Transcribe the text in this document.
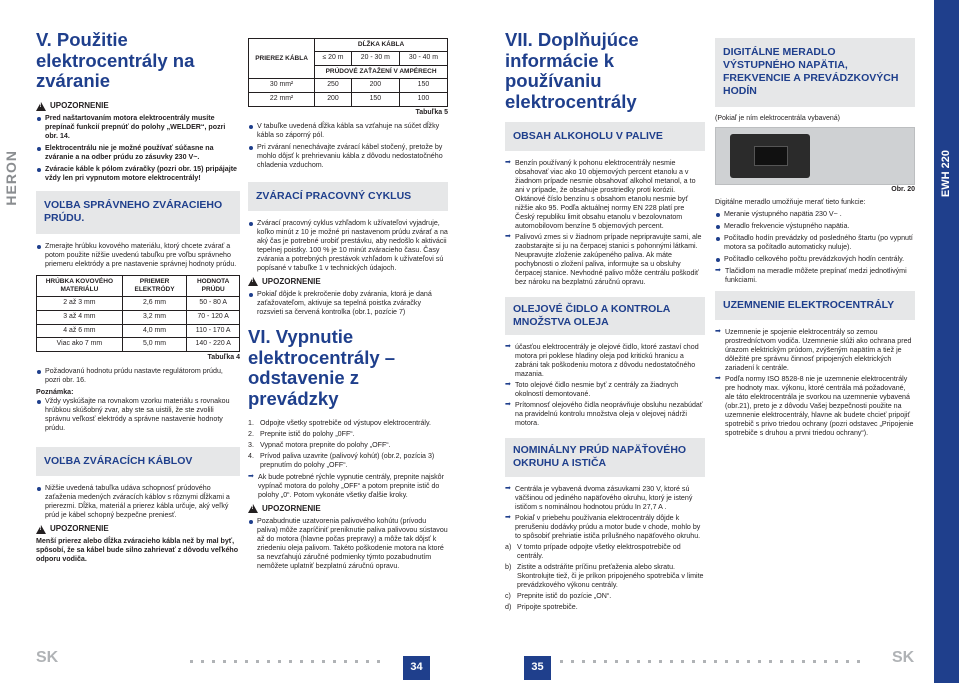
HERON
V. Použitie elektrocentrály na zváranie
!
UPOZORNENIE
Pred naštartovaním motora elektrocentrály musíte prepínač funkcií prepnúť do polohy „WELDER“, pozri obr. 14.
Elektrocentrálu nie je možné používať súčasne na zváranie a na odber prúdu zo zásuvky 230 V~.
Zváracie káble k pólom zváračky (pozri obr. 15) pripájajte vždy len pri vypnutom motore elektrocentrály!
VOĽBA SPRÁVNEHO ZVÁRACIEHO PRÚDU.
Zmerajte hrúbku kovového materiálu, ktorý chcete zvárať a potom použite nižšie uvedenú tabuľku pre voľbu správneho priemeru elektródy a pre nastavenie správnej hodnoty prúdu.
HRÚBKA KOVOVÉHO MATERIÁLU	PRIEMER ELEKTRÓDY	HODNOTA PRÚDU
2 až 3 mm	2,6 mm	50 - 80 A
3 až 4 mm	3,2 mm	70 - 120 A
4 až 6 mm	4,0 mm	110 - 170 A
Viac ako 7 mm	5,0 mm	140 - 220 A
Tabuľka 4
Požadovanú hodnotu prúdu nastavte regulátorom prúdu, pozri obr. 16.
Poznámka:
Vždy vyskúšajte na rovnakom vzorku materiálu s rovnakou hrúbkou skúšobný zvar, aby ste sa uistili, že ste zvolili správnu veľkosť elektródy a správne nastavenie hodnoty prúdu.
VOĽBA ZVÁRACÍCH KÁBLOV
Nižšie uvedená tabuľka udáva schopnosť prúdového zaťaženia medených zváracích káblov s rôznymi dĺžkami a prierezmi. Dĺžka, materiál a prierez kábla určuje, aký veľký prúd je kábel schopný bezpečne preniesť.
!
UPOZORNENIE
Menší prierez alebo dĺžka zváracieho kábla než by mal byť, spôsobí, že sa kábel bude silno zahrievať z dôvodu veľkého odporu vodiča.
PRIEREZ KÁBLA	DĹŽKA KÁBLA		
	≤ 20 m	20 - 30 m	30 - 40 m
	PRÚDOVÉ ZAŤAŽENÍ V AMPÉRECH		
30 mm²	250	200	150
22 mm²	200	150	100
Tabuľka 5
V tabuľke uvedená dĺžka kábla sa vzťahuje na súčet dĺžky kábla so záporný pól.
Pri zváraní nenechávajte zvárací kábel stočený, pretože by mohlo dôjsť k prehrievaniu kábla z dôvodu nedostatočného chladenia vzduchom.
ZVÁRACÍ PRACOVNÝ CYKLUS
Zvárací pracovný cyklus vzhľadom k užívateľovi vyjadruje, koľko minút z 10 je možné pri nastavenom prúdu zvárať a na aký čas je potrebné urobiť prestávku, aby nedošlo k aktivácii tepelnej poistky. 100 % je 10 minút zváracieho času. Časy zvárania a potrebných prestávok vzhľadom k užívateľovi sú popísané v tabuľke 1 v technických údajoch.
!
UPOZORNENIE
Pokiaľ dôjde k prekročenie doby zvárania, ktorá je daná zaťažovateľom, aktivuje sa tepelná poistka zváračky rozsvieti sa červená kontrolka (obr.1, pozície 7)
VI. Vypnutie elektrocentrály – odstavenie z prevádzky
1. Odpojte všetky spotrebiče od výstupov elektrocentrály.
2. Prepnite istič do polohy „0FF“.
3. Vypnač motora prepnite do polohy „OFF“.
4. Prívod paliva uzavrite (palivový kohút) (obr.2, pozícia 3) prepnutím do polohy „OFF“.
➡ Ak bude potrebné rýchle vypnutie centrály, prepnite najskôr vypínač motora do polohy „OFF“ a potom prepnite istič do polohy „0“. Potom vykonáte všetky ďalšie kroky.
!
UPOZORNENIE
Pozabudnutie uzatvorenia palivového kohútu (prívodu paliva) môže zapríčiniť preniknutie paliva palivovou sústavou až do motora (hlavne počas prepravy) a môže tak dôjsť k zriedeniu oleja palivom. Takéto poškodenie motora na ktoré sa nevzťahujú záručné podmienky týmto pozabudnutím nemôžete uplatniť bezplatnú záručnú opravu.
VII. Doplňujúce informácie k používaniu elektrocentrály
OBSAH ALKOHOLU V PALIVE
➡ Benzín používaný k pohonu elektrocentrály nesmie obsahovať viac ako 10 objemových percent etanolu a v žiadnom prípade nesmie obsahovať alkohol metanol, a to ani v prípade, že obsahuje prostriedky proti korózii. Oktánové číslo benzínu s obsahom etanolu nesmie byť nižšie ako 95. Podľa aktuálnej normy EN 228 platí pre Český republiku limit obsahu etanolu v bezolovnatom automobilovom benzíne 5 objemových percent.
➡ Palivovú zmes si v žiadnom prípade nepripravujte sami, ale zaobstarajte si ju na čerpacej stanici s pohonnými látkami. Neupravujte zloženie zakúpeného paliva. Ak máte pochybnosti o zložení paliva, informujte sa u obsluhy čerpacej stanice. Nevhodné palivo môže centrálu poškodiť bez nároku na bezplatnú záručnú opravu.
OLEJOVÉ ČIDLO A KONTROLA MNOŽSTVA OLEJA
➡ účasťou elektrocentrály je olejové čidlo, ktoré zastaví chod motora pri poklese hladiny oleja pod kritickú hranicu a zabráni tak poškodeniu motora z dôvodu nedostatočného mazania.
➡ Toto olejové čidlo nesmie byť z centrály za žiadnych okolností demontované.
➡ Prítomnosť olejového čidla neoprávňuje obsluhu nezabúdať na pravidelnú kontrolu množstva oleja v olejovej nádrži motora.
NOMINÁLNY PRÚD NAPÄŤOVÉHO OKRUHU A ISTIČA
➡ Centrála je vybavená dvoma zásuvkami 230 V, ktoré sú väčšinou od jediného napäťového okruhu, ktorý je istený ističom s nominálnou hodnotou prúdu In 27,7 A .
➡ Pokiaľ v priebehu používania elektrocentrály dôjde k prerušeniu dodávky prúdu a motor bude v chode, mohlo by to spôsobiť prehriatie ističa prílušného napäťového okruhu.
a) V tomto prípade odpojte všetky elektrospotrebiče od centrály.
b) Zistite a odstráňte príčinu preťaženia alebo skratu. Skontrolujte tiež, či je príkon pripojeného spotrebiča v limite prevádzkového výkonu centrály.
c) Prepnite istič do pozície „ON“.
d) Pripojte spotrebiče.
DIGITÁLNE MERADLO VÝSTUPNÉHO NAPÄTIA, FREKVENCIE A PREVÁDZKOVÝCH HODÍN
(Pokiaľ je ním elektrocentrála vybavená)
Obr. 20
Digitálne meradlo umožňuje merať tieto funkcie:
Meranie výstupného napätia 230 V~ .
Meradlo frekvencie výstupného napätia.
Počítadlo hodín prevádzky od posledného štartu (po vypnutí motora sa počítadlo automaticky nuluje).
Počítadlo celkového počtu prevádzkových hodín centrály.
➡ Tlačidlom na meradle môžete prepínať medzi jednotlivými funkciami.
UZEMNENIE ELEKTROCENTRÁLY
➡ Uzemnenie je spojenie elektrocentrály so zemou prostredníctvom vodiča. Uzemnenie slúži ako ochrana pred úrazom elektrickým prúdom, zvýšeným napätím a tiež je dôležité pre správnu činnosť pripojených elektrických zariadení k centrále.
➡ Podľa normy ISO 8528-8 nie je uzemnenie elektrocentrály pre hodnoty max. výkonu, ktoré centrála má požadované, ale táto elektrocentrála je svorkou na uzemnenie vybavená (obr.21), preto je z dôvodu Vašej bezpečnosti použite na uzemnenie elektrocentrály, hlavne ak budete chcieť pripojiť spotrebič s privo triedou ochrany (pozri odstavec „Pripojenie spotrebiče s druhou a prvni triedou ochrany“).
EWH 220
SK
34	35
SK
